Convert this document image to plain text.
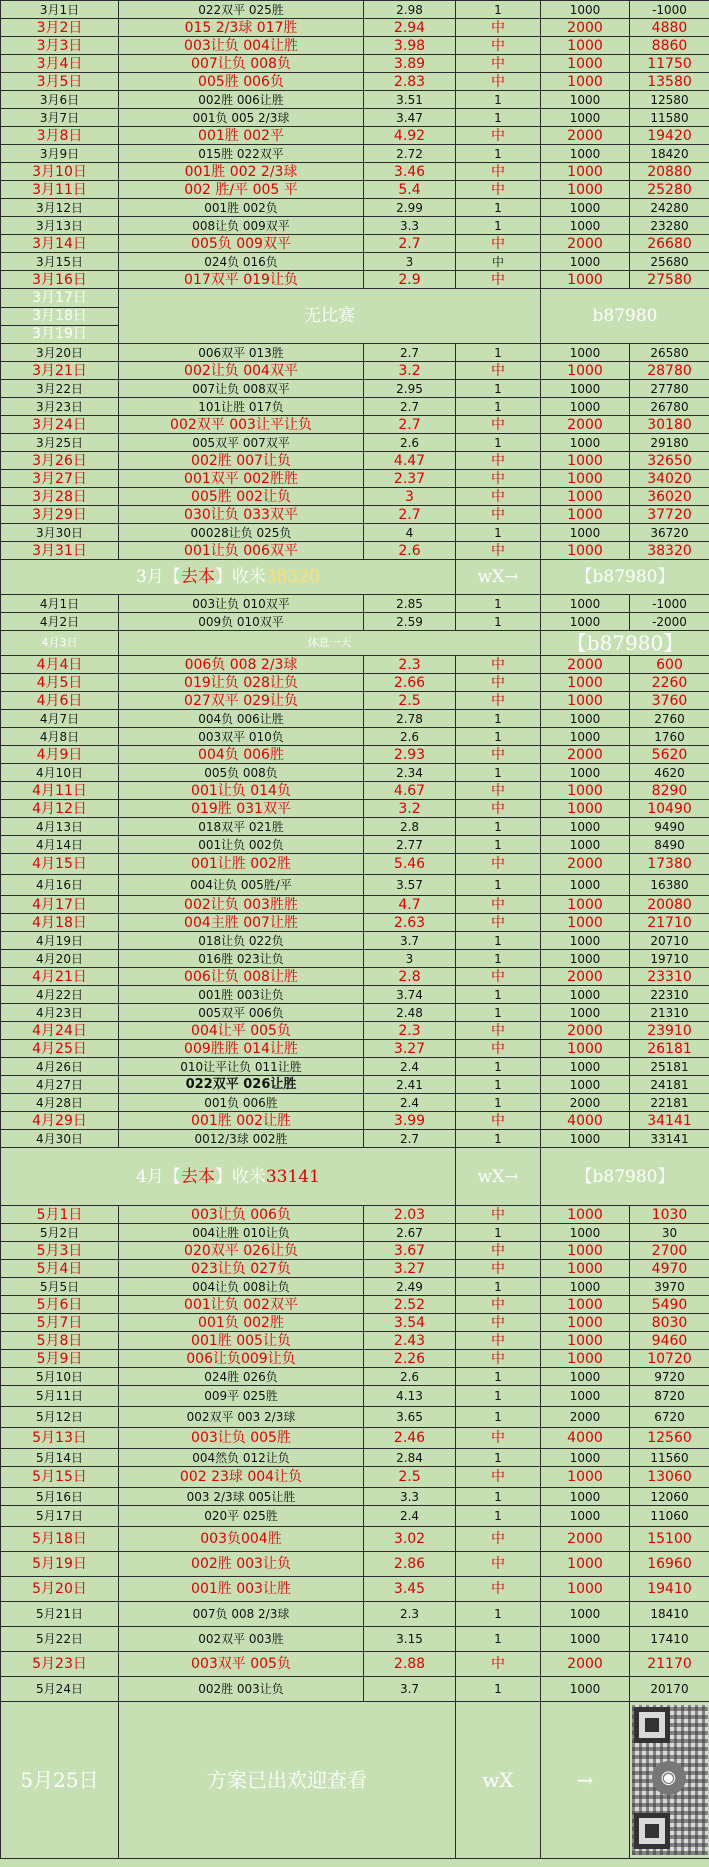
3月1日	022双平 025胜	2.98	1	1000	-1000
3月2日	015 2/3球 017胜	2.94	中	2000	4880
3月3日	003让负 004让胜	3.98	中	1000	8860
3月4日	007让负 008负	3.89	中	1000	11750
3月5日	005胜 006负	2.83	中	1000	13580
3月6日	002胜 006让胜	3.51	1	1000	12580
3月7日	001负 005 2/3球	3.47	1	1000	11580
3月8日	001胜 002平	4.92	中	2000	19420
3月9日	015胜 022双平	2.72	1	1000	18420
3月10日	001胜 002 2/3球	3.46	中	1000	20880
3月11日	002 胜/平 005 平	5.4	中	1000	25280
3月12日	001胜 002负	2.99	1	1000	24280
3月13日	008让负 009双平	3.3	1	1000	23280
3月14日	005负 009双平	2.7	中	2000	26680
3月15日	024负 016负	3	中	1000	25680
3月16日	017双平 019让负	2.9	中	1000	27580

3月17日
3月18日
3月19日	无比赛			b87980	
3月20日	006双平 013胜	2.7	1	1000	26580
3月21日	002让负 004双平	3.2	中	1000	28780
3月22日	007让负 008双平	2.95	1	1000	27780
3月23日	101让胜 017负	2.7	1	1000	26780
3月24日	002双平 003让平让负	2.7	中	2000	30180
3月25日	005双平 007双平	2.6	1	1000	29180
3月26日	002胜 007让负	4.47	中	1000	32650
3月27日	001双平 002胜胜	2.37	中	1000	34020
3月28日	005胜 002让负	3	中	1000	36020
3月29日	030让负 033双平	2.7	中	1000	37720
3月30日	00028让负 025负	4	1	1000	36720
3月31日	001让负 006双平	2.6	中	1000	38320
3月【去本】收米38320			wX→	【b87980】	
4月1日	003让负 010双平	2.85	1	1000	-1000
4月2日	009负 010双平	2.59	1	1000	-2000
4月3日	休息一天			【b87980】	
4月4日	006负 008 2/3球	2.3	中	2000	600
4月5日	019让负 028让负	2.66	中	1000	2260
4月6日	027双平 029让负	2.5	中	1000	3760
4月7日	004负 006让胜	2.78	1	1000	2760
4月8日	003双平 010负	2.6	1	1000	1760
4月9日	004负 006胜	2.93	中	2000	5620
4月10日	005负 008负	2.34	1	1000	4620
4月11日	001让负 014负	4.67	中	1000	8290
4月12日	019胜 031双平	3.2	中	1000	10490
4月13日	018双平 021胜	2.8	1	1000	9490
4月14日	001让负 002负	2.77	1	1000	8490
4月15日	001让胜 002胜	5.46	中	2000	17380
4月16日	004让负 005胜/平	3.57	1	1000	16380
4月17日	002让负 003胜胜	4.7	中	1000	20080
4月18日	004主胜 007让胜	2.63	中	1000	21710
4月19日	018让负 022负	3.7	1	1000	20710
4月20日	016胜 023让负	3	1	1000	19710
4月21日	006让负 008让胜	2.8	中	2000	23310
4月22日	001胜 003让负	3.74	1	1000	22310
4月23日	005双平 006负	2.48	1	1000	21310
4月24日	004让平 005负	2.3	中	2000	23910
4月25日	009胜胜 014让胜	3.27	中	1000	26181
4月26日	010让平让负 011让胜	2.4	1	1000	25181
4月27日	022双平 026让胜	2.41	1	1000	24181
4月28日	001负 006胜	2.4	1	2000	22181
4月29日	001胜 002让胜	3.99	中	4000	34141
4月30日	0012/3球 002胜	2.7	1	1000	33141
4月【去本】收米33141			wX→	【b87980】	
5月1日	003让负 006负	2.03	中	1000	1030
5月2日	004让胜 010让负	2.67	1	1000	30
5月3日	020双平 026让负	3.67	中	1000	2700
5月4日	023让负 027负	3.27	中	1000	4970
5月5日	004让负 008让负	2.49	1	1000	3970
5月6日	001让负 002双平	2.52	中	1000	5490
5月7日	001负 002胜	3.54	中	1000	8030
5月8日	001胜 005让负	2.43	中	1000	9460
5月9日	006让负009让负	2.26	中	1000	10720
5月10日	024胜 026负	2.6	1	1000	9720
5月11日	009平 025胜	4.13	1	1000	8720
5月12日	002双平 003 2/3球	3.65	1	2000	6720
5月13日	003让负 005胜	2.46	中	4000	12560
5月14日	004然负 012让负	2.84	1	1000	11560
5月15日	002 23球 004让负	2.5	中	1000	13060
5月16日	003 2/3球 005让胜	3.3	1	1000	12060
5月17日	020平 025胜	2.4	1	1000	11060
5月18日	003负004胜	3.02	中	2000	15100
5月19日	002胜 003让负	2.86	中	1000	16960
5月20日	001胜 003让胜	3.45	中	1000	19410
5月21日	007负 008 2/3球	2.3	1	1000	18410
5月22日	002双平 003胜	3.15	1	1000	17410
5月23日	003双平 005负	2.88	中	2000	21170
5月24日	002胜 003让负	3.7	1	1000	20170
5月25日	方案已出欢迎查看		wX	→	◉
